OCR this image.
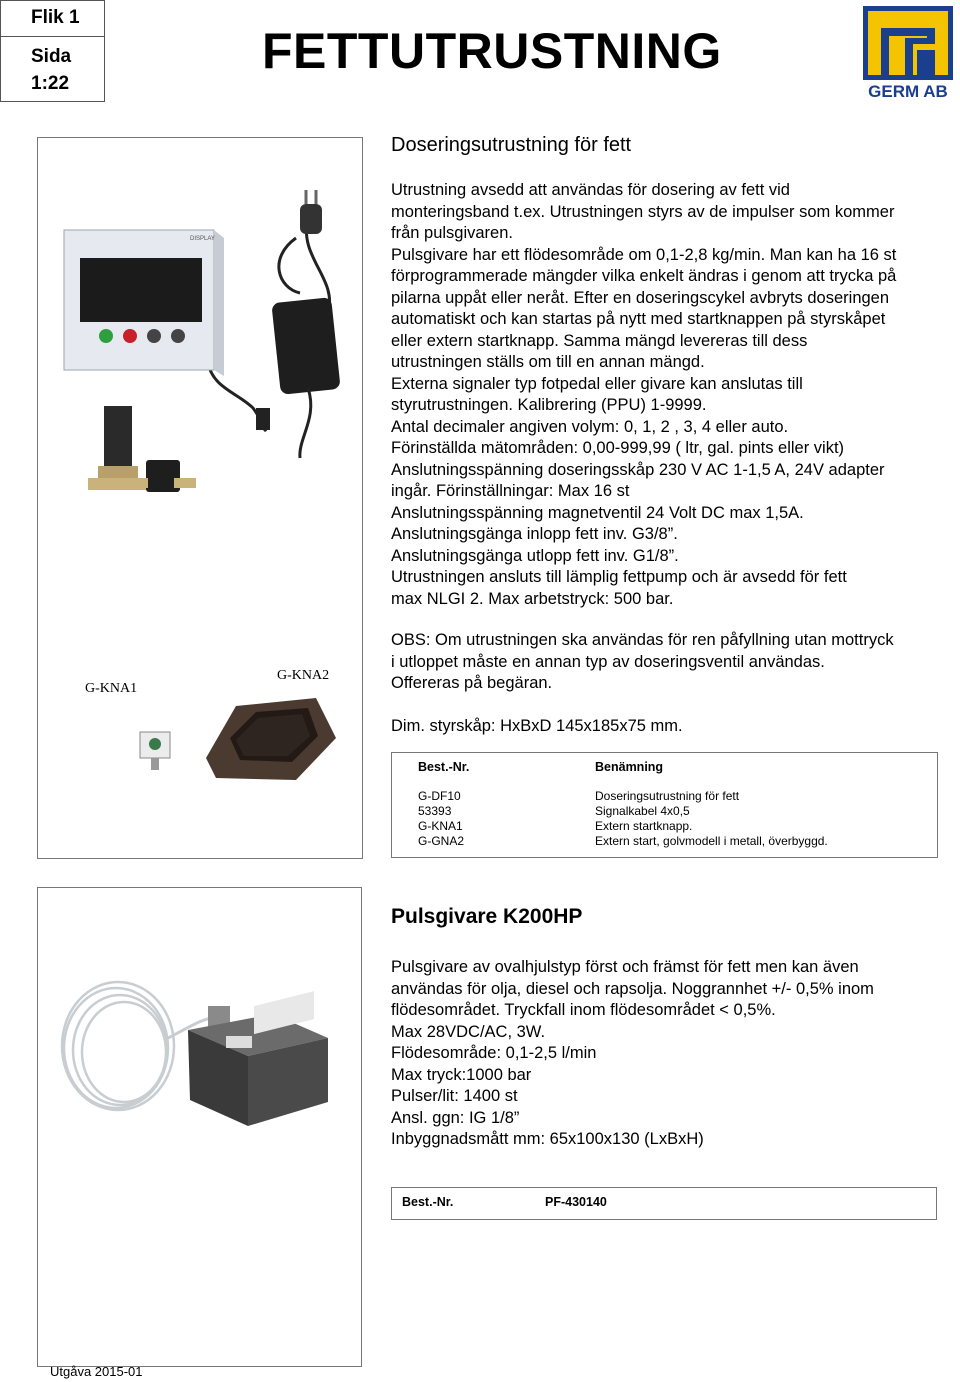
Flik 1
Sida
1:22
FETTUTRUSTNING
GERM AB
DISPLAY
G-KNA1
G-KNA2
Doseringsutrustning för fett
Utrustning avsedd att användas för dosering av fett vid
monteringsband t.ex. Utrustningen styrs av de impulser som kommer
från pulsgivaren.
Pulsgivare har ett flödesområde om 0,1-2,8 kg/min. Man kan ha 16 st
förprogrammerade mängder vilka enkelt ändras i genom att trycka på
pilarna uppåt eller neråt. Efter en doseringscykel avbryts doseringen
automatiskt och kan startas på nytt med startknappen på styrskåpet
eller extern startknapp. Samma mängd levereras till dess
utrustningen ställs om till en annan mängd.
Externa signaler typ fotpedal eller givare kan anslutas till
styrutrustningen. Kalibrering (PPU) 1-9999.
Antal decimaler angiven volym: 0, 1, 2 , 3, 4 eller auto.
Förinställda mätområden: 0,00-999,99 ( ltr, gal. pints eller vikt)
Anslutningsspänning doseringsskåp 230 V AC 1-1,5 A, 24V adapter
ingår. Förinställningar: Max 16 st
Anslutningsspänning magnetventil 24 Volt DC max 1,5A.
Anslutningsgänga inlopp fett inv. G3/8”.
Anslutningsgänga utlopp fett inv. G1/8”.
Utrustningen ansluts till lämplig fettpump och är avsedd för fett
max NLGI 2. Max arbetstryck: 500 bar.
OBS: Om utrustningen ska användas för ren påfyllning utan mottryck
i utloppet måste en annan typ av doseringsventil användas.
Offereras på begäran.
Dim. styrskåp: HxBxD 145x185x75 mm.
Best.-Nr.	Benämning
G-DF10
53393
G-KNA1
G-GNA2
Doseringsutrustning för fett
Signalkabel 4x0,5
Extern startknapp.
Extern start, golvmodell i metall, överbyggd.
Pulsgivare K200HP
Pulsgivare av ovalhjulstyp först och främst för fett men kan även
användas för olja, diesel och rapsolja. Noggrannhet +/- 0,5% inom
flödesområdet. Tryckfall inom flödesområdet < 0,5%.
Max 28VDC/AC, 3W.
Flödesområde: 0,1-2,5 l/min
Max tryck:1000 bar
Pulser/lit: 1400 st
Ansl. ggn: IG 1/8”
Inbyggnadsmått mm: 65x100x130 (LxBxH)
Best.-Nr.	PF-430140
Utgåva 2015-01
